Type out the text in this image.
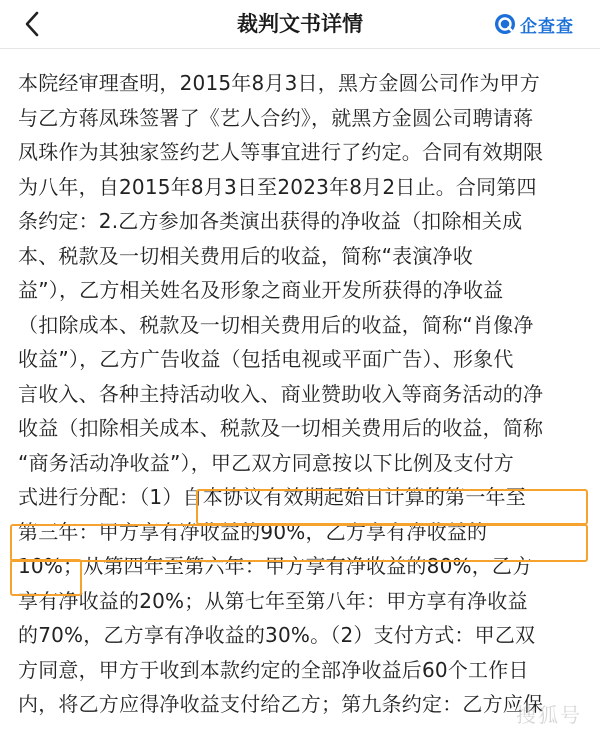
裁判文书详情	企查查

本院经审理查明，2015年8月3日，黑方金圆公司作为甲方

与乙方蒋凤珠签署了《艺人合约》，就黑方金圆公司聘请蒋

凤珠作为其独家签约艺人等事宜进行了约定。合同有效期限

为八年，自2015年8月3日至2023年8月2日止。合同第四

条约定：2.乙方参加各类演出获得的净收益（扣除相关成

本、税款及一切相关费用后的收益，简称“表演净收

益”），乙方相关姓名及形象之商业开发所获得的净收益

（扣除成本、税款及一切相关费用后的收益，简称“肖像净

收益”），乙方广告收益（包括电视或平面广告）、形象代

言收入、各种主持活动收入、商业赞助收入等商务活动的净

收益（扣除相关成本、税款及一切相关费用后的收益，简称

“商务活动净收益”），甲乙双方同意按以下比例及支付方

式进行分配：（1）自本协议有效期起始日计算的第一年至

第三年：甲方享有净收益的90%，乙方享有净收益的

10%；从第四年至第六年：甲方享有净收益的80%，乙方

享有净收益的20%；从第七年至第八年：甲方享有净收益

的70%，乙方享有净收益的30%。（2）支付方式：甲乙双

方同意，甲方于收到本款约定的全部净收益后60个工作日

内，将乙方应得净收益支付给乙方；第九条约定：乙方应保

搜狐号
